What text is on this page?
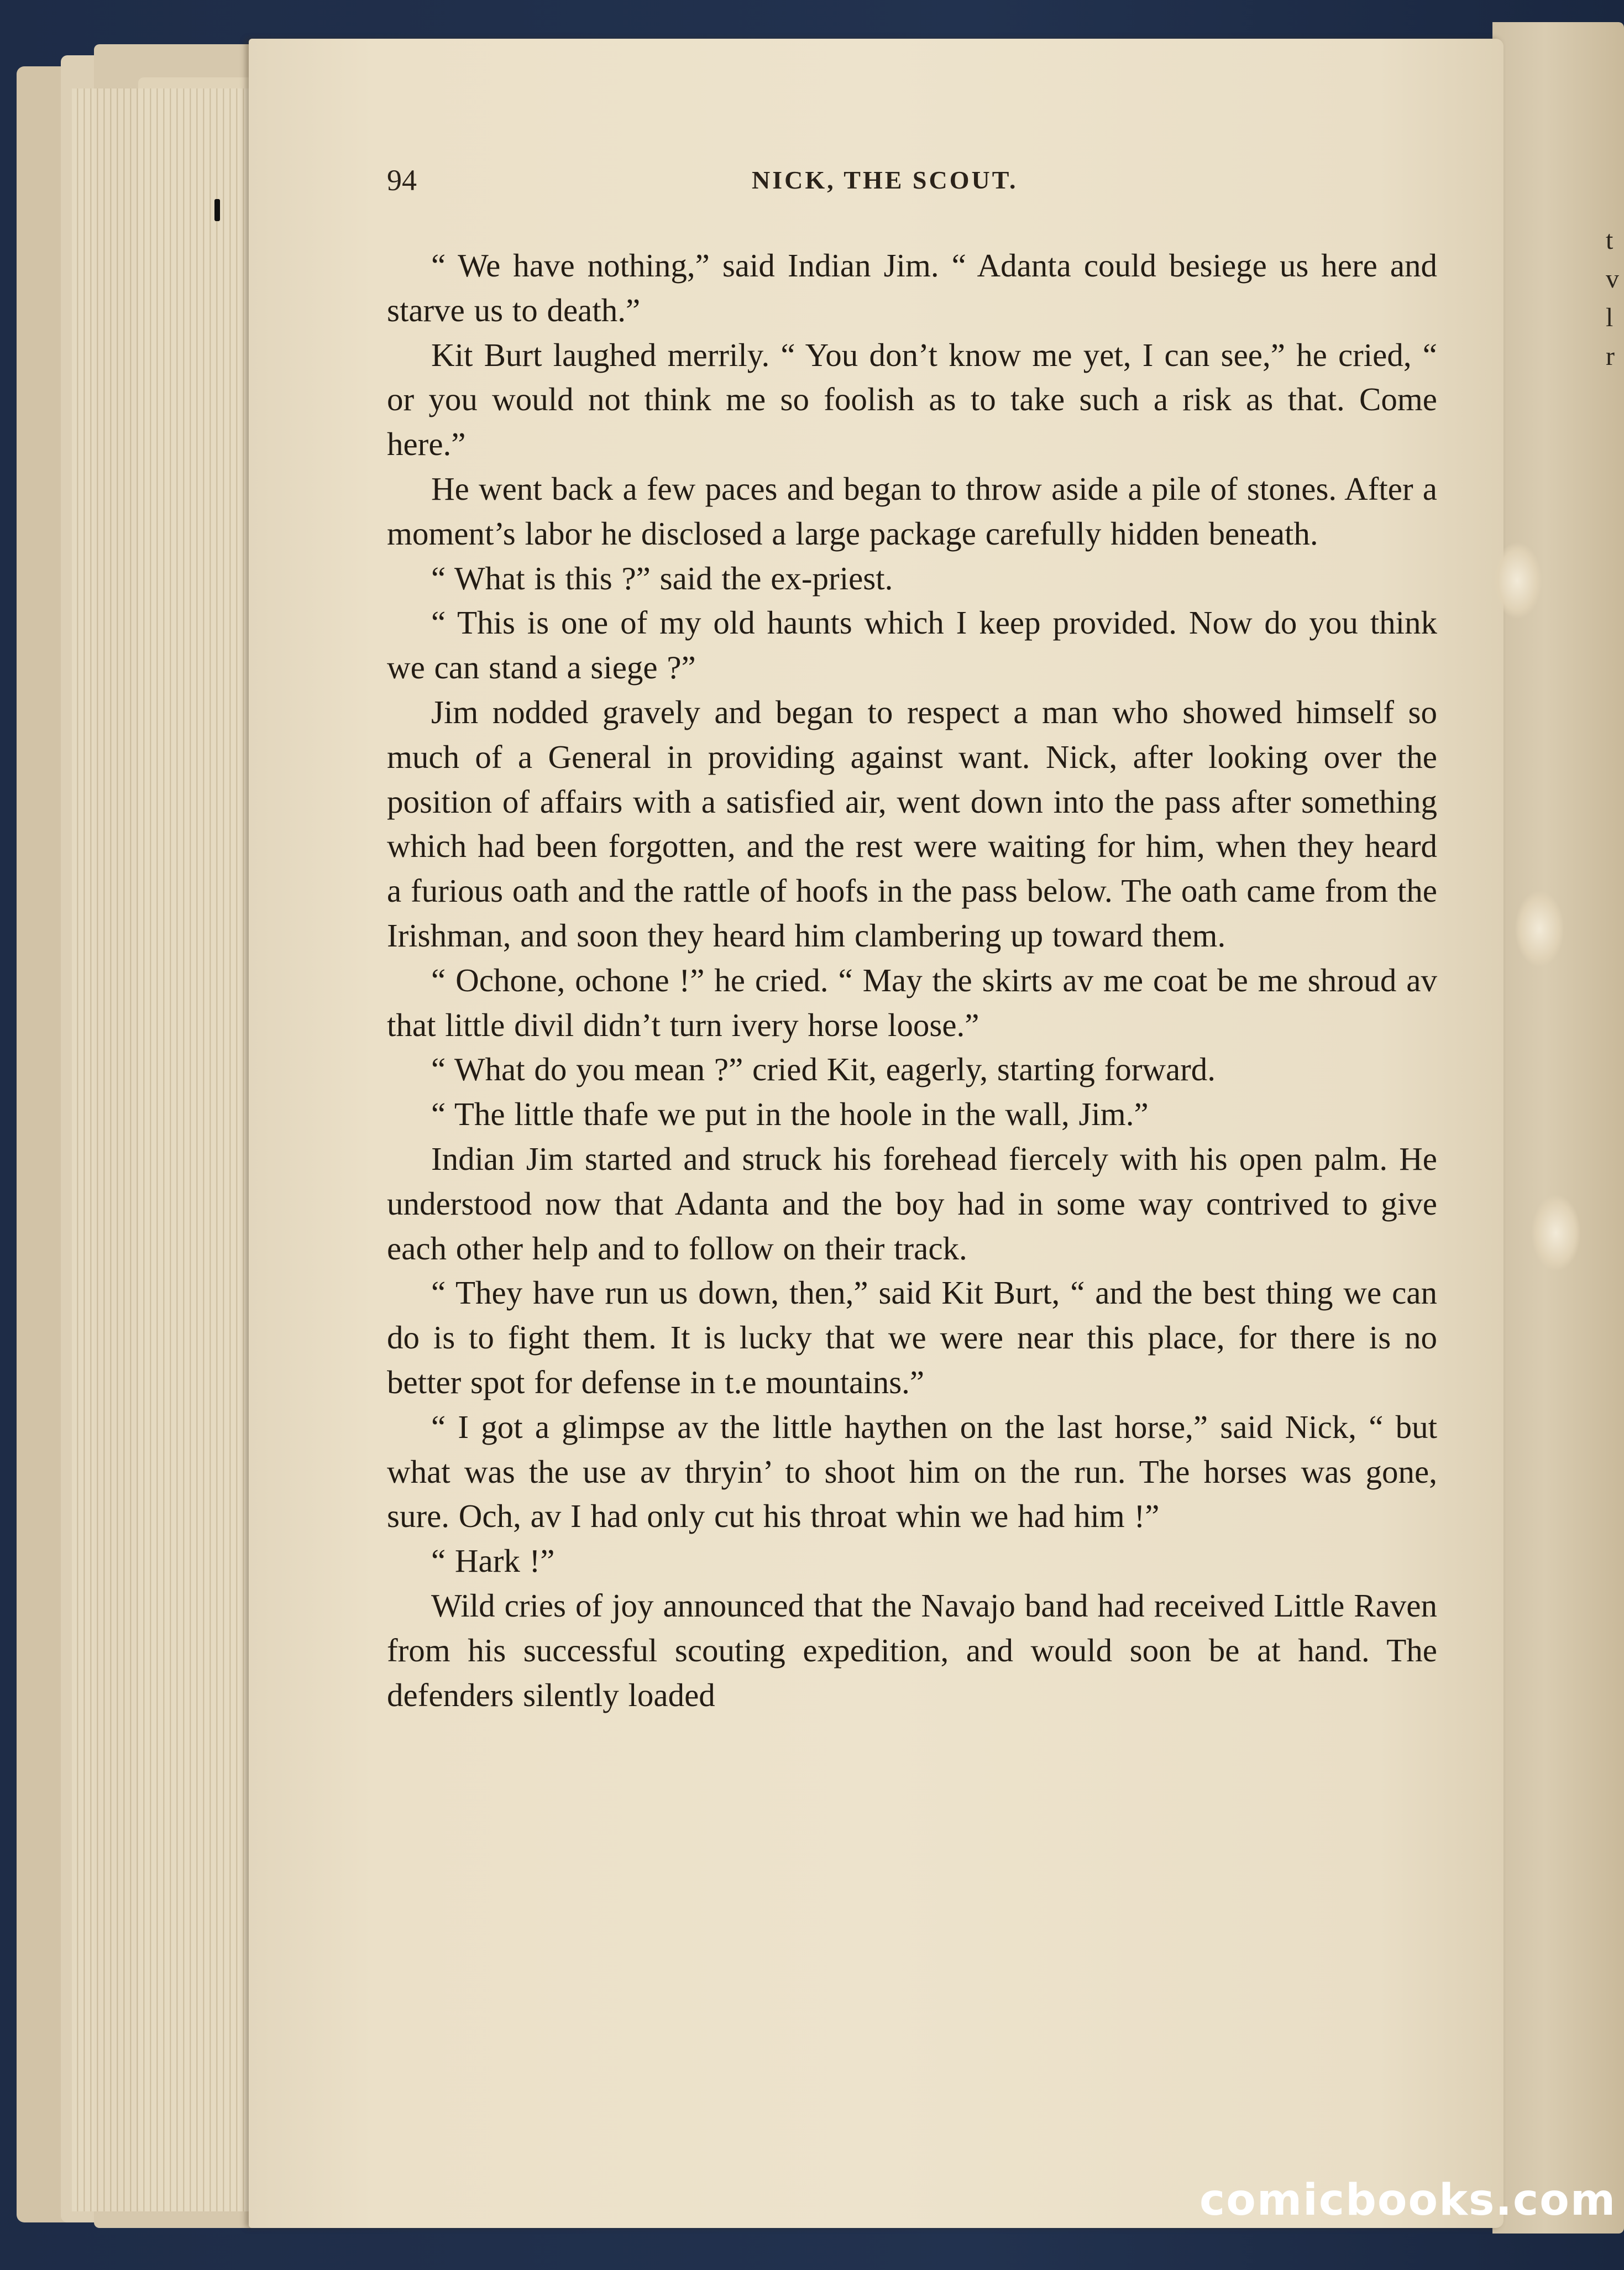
t
v
l
r
94	NICK, THE SCOUT.

“ We have nothing,” said Indian Jim. “ Adanta could besiege us here and starve us to death.”

Kit Burt laughed merrily. “ You don’t know me yet, I can see,” he cried, “ or you would not think me so foolish as to take such a risk as that. Come here.”

He went back a few paces and began to throw aside a pile of stones. After a moment’s labor he disclosed a large package carefully hidden beneath.

“ What is this ?” said the ex-priest.

“ This is one of my old haunts which I keep provided. Now do you think we can stand a siege ?”

Jim nodded gravely and began to respect a man who showed himself so much of a General in providing against want. Nick, after looking over the position of affairs with a satisfied air, went down into the pass after something which had been forgotten, and the rest were waiting for him, when they heard a furious oath and the rattle of hoofs in the pass below. The oath came from the Irishman, and soon they heard him clambering up toward them.

“ Ochone, ochone !” he cried. “ May the skirts av me coat be me shroud av that little divil didn’t turn ivery horse loose.”

“ What do you mean ?” cried Kit, eagerly, starting forward.

“ The little thafe we put in the hoole in the wall, Jim.”

Indian Jim started and struck his forehead fiercely with his open palm. He understood now that Adanta and the boy had in some way contrived to give each other help and to follow on their track.

“ They have run us down, then,” said Kit Burt, “ and the best thing we can do is to fight them. It is lucky that we were near this place, for there is no better spot for defense in t.e mountains.”

“ I got a glimpse av the little haythen on the last horse,” said Nick, “ but what was the use av thryin’ to shoot him on the run. The horses was gone, sure. Och, av I had only cut his throat whin we had him !”

“ Hark !”

Wild cries of joy announced that the Navajo band had received Little Raven from his successful scouting expedition, and would soon be at hand. The defenders silently loaded

comicbooks.com
